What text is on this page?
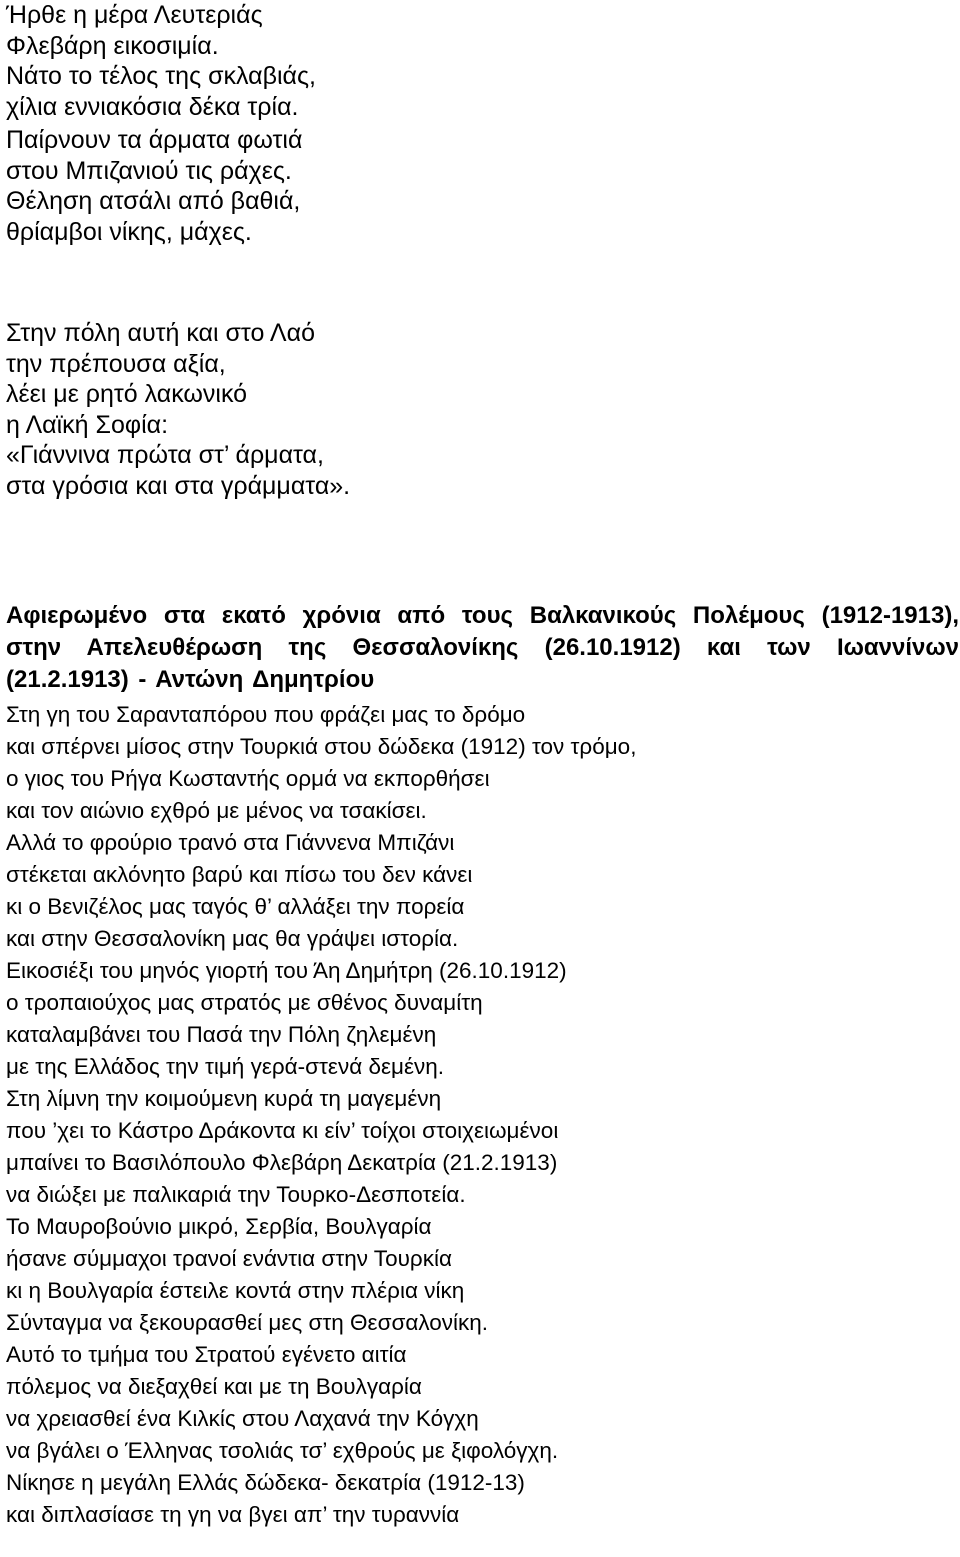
Ήρθε η μέρα Λευτεριάς
Φλεβάρη εικοσιμία.
Νάτο το τέλος της σκλαβιάς,
χίλια εννιακόσια δέκα τρία.
Παίρνουν τα άρματα φωτιά
στου Μπιζανιού τις ράχες.
Θέληση ατσάλι από βαθιά,
θρίαμβοι νίκης, μάχες.
Στην πόλη αυτή και στο Λαό
την πρέπουσα αξία,
λέει με ρητό λακωνικό
η Λαϊκή Σοφία:
«Γιάννινα πρώτα στ’ άρματα,
στα γρόσια και στα γράμματα».

Αφιερωμένο στα εκατό χρόνια από τους Βαλκανικούς Πολέμους (1912-1913), στην Απελευθέρωση της Θεσσαλονίκης (26.10.1912) και των Ιωαννίνων (21.2.1913) - Αντώνη Δημητρίου

Στη γη του Σαρανταπόρου που φράζει μας το δρόμο
και σπέρνει μίσος στην Τουρκιά στου δώδεκα (1912) τον τρόμο,
ο γιος του Ρήγα Κωσταντής ορμά να εκπορθήσει
και τον αιώνιο εχθρό με μένος να τσακίσει.
Αλλά το φρούριο τρανό στα Γιάννενα Μπιζάνι
στέκεται ακλόνητο βαρύ και πίσω του δεν κάνει
κι ο Βενιζέλος μας ταγός θ’ αλλάξει την πορεία
και στην Θεσσαλονίκη μας θα γράψει ιστορία.
Εικοσιέξι του μηνός γιορτή του Άη Δημήτρη (26.10.1912)
ο τροπαιούχος μας στρατός με σθένος δυναμίτη
καταλαμβάνει του Πασά την Πόλη ζηλεμένη
με της Ελλάδος την τιμή γερά-στενά δεμένη.
Στη λίμνη την κοιμούμενη κυρά τη μαγεμένη
που ’χει το Κάστρο Δράκοντα κι είν’ τοίχοι στοιχειωμένοι
μπαίνει το Βασιλόπουλο Φλεβάρη Δεκατρία (21.2.1913)
να διώξει με παλικαριά την Τουρκο-Δεσποτεία.
Το Μαυροβούνιο μικρό, Σερβία, Βουλγαρία
ήσανε σύμμαχοι τρανοί ενάντια στην Τουρκία
κι η Βουλγαρία έστειλε κοντά στην πλέρια νίκη
Σύνταγμα να ξεκουρασθεί μες στη Θεσσαλονίκη.
Αυτό το τμήμα του Στρατού εγένετο αιτία
πόλεμος να διεξαχθεί και με τη Βουλγαρία
να χρειασθεί ένα Κιλκίς στου Λαχανά την Κόγχη
να βγάλει ο Έλληνας τσολιάς τσ’ εχθρούς με ξιφολόγχη.
Νίκησε η μεγάλη Ελλάς δώδεκα- δεκατρία (1912-13)
και διπλασίασε τη γη να βγει απ’ την τυραννία
